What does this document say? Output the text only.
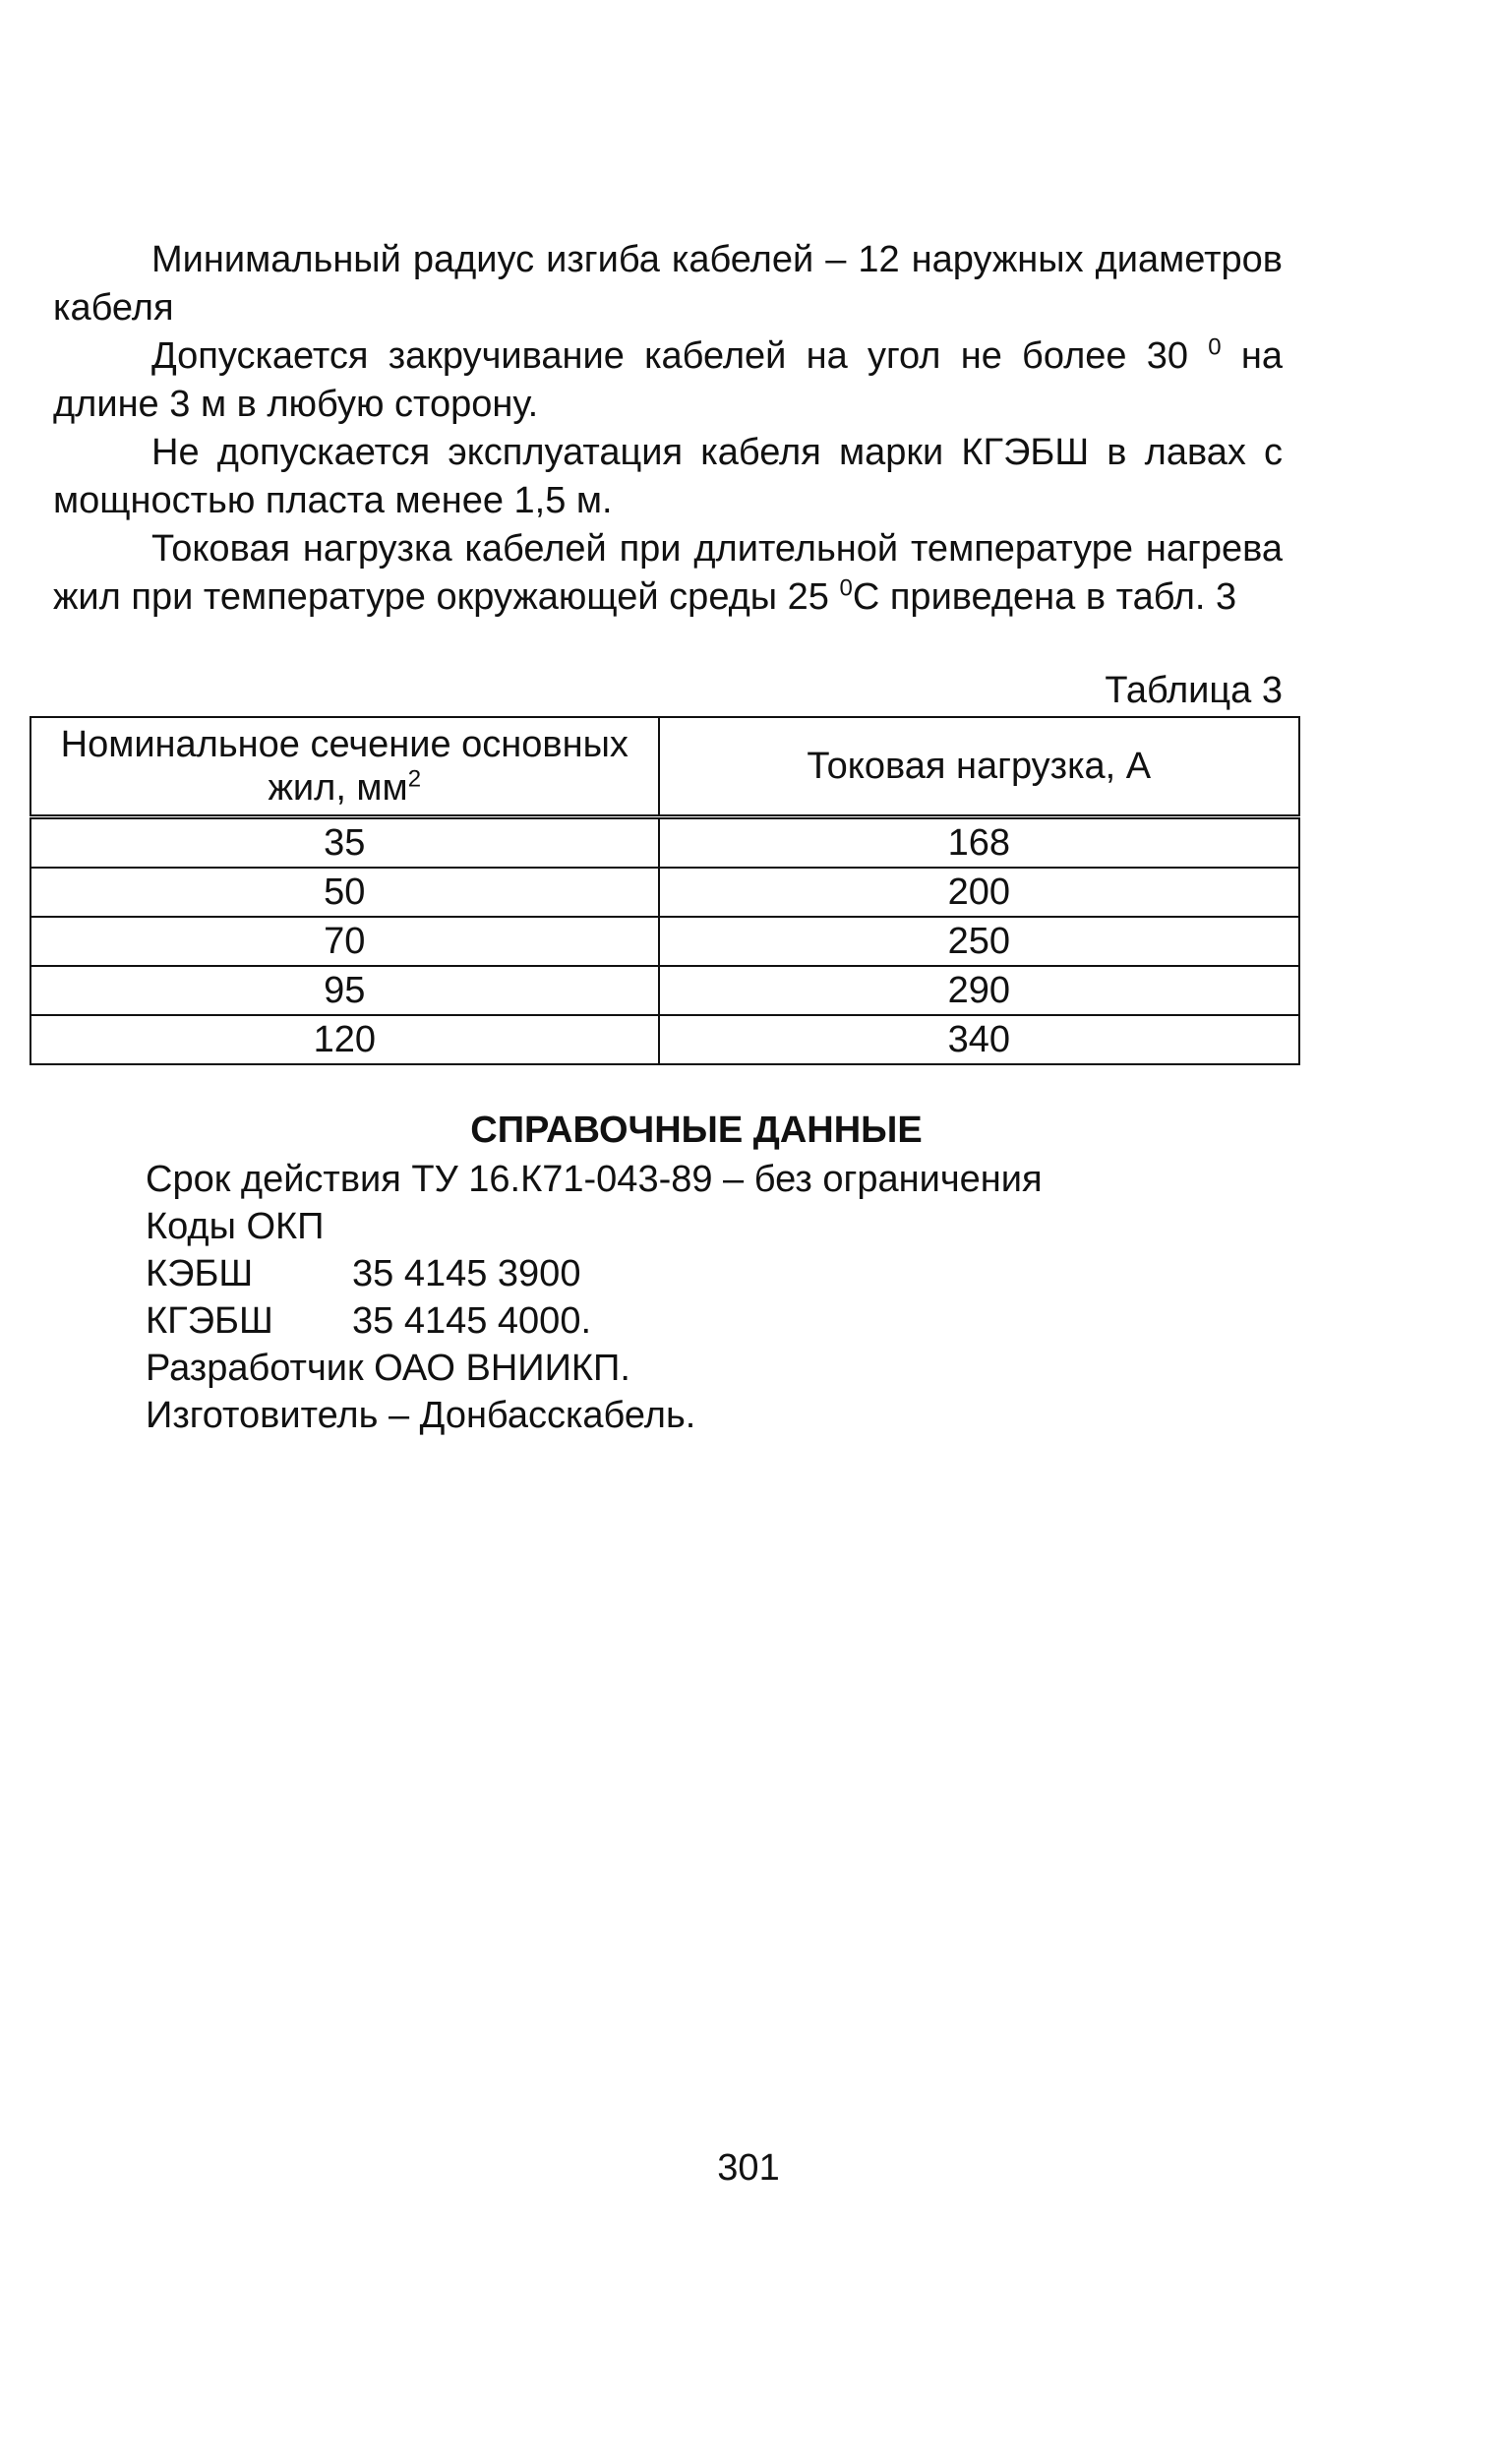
Минимальный радиус изгиба кабелей – 12 наружных диаметров кабеля

Допускается закручивание кабелей на угол не более 30 $^0$ на длине 3 м в любую сторону.

Не допускается эксплуатация кабеля марки КГЭБШ в лавах с мощностью пласта менее 1,5 м.

Токовая нагрузка кабелей при длительной температуре нагрева жил при температуре окружающей среды 25 $^0$С приведена в табл. 3

Таблица 3
Номинальное сечение основных жил, $мм^2$	Токовая нагрузка, А
35	168
50	200
70	250
95	290
120	340

СПРАВОЧНЫЕ ДАННЫЕ

Срок действия ТУ 16.К71-043-89 – без ограничения

Коды ОКП

КЭБШ	35 4145 3900

КГЭБШ 35 4145 4000.

Разработчик ОАО ВНИИКП.

Изготовитель – Донбасскабель.

301
